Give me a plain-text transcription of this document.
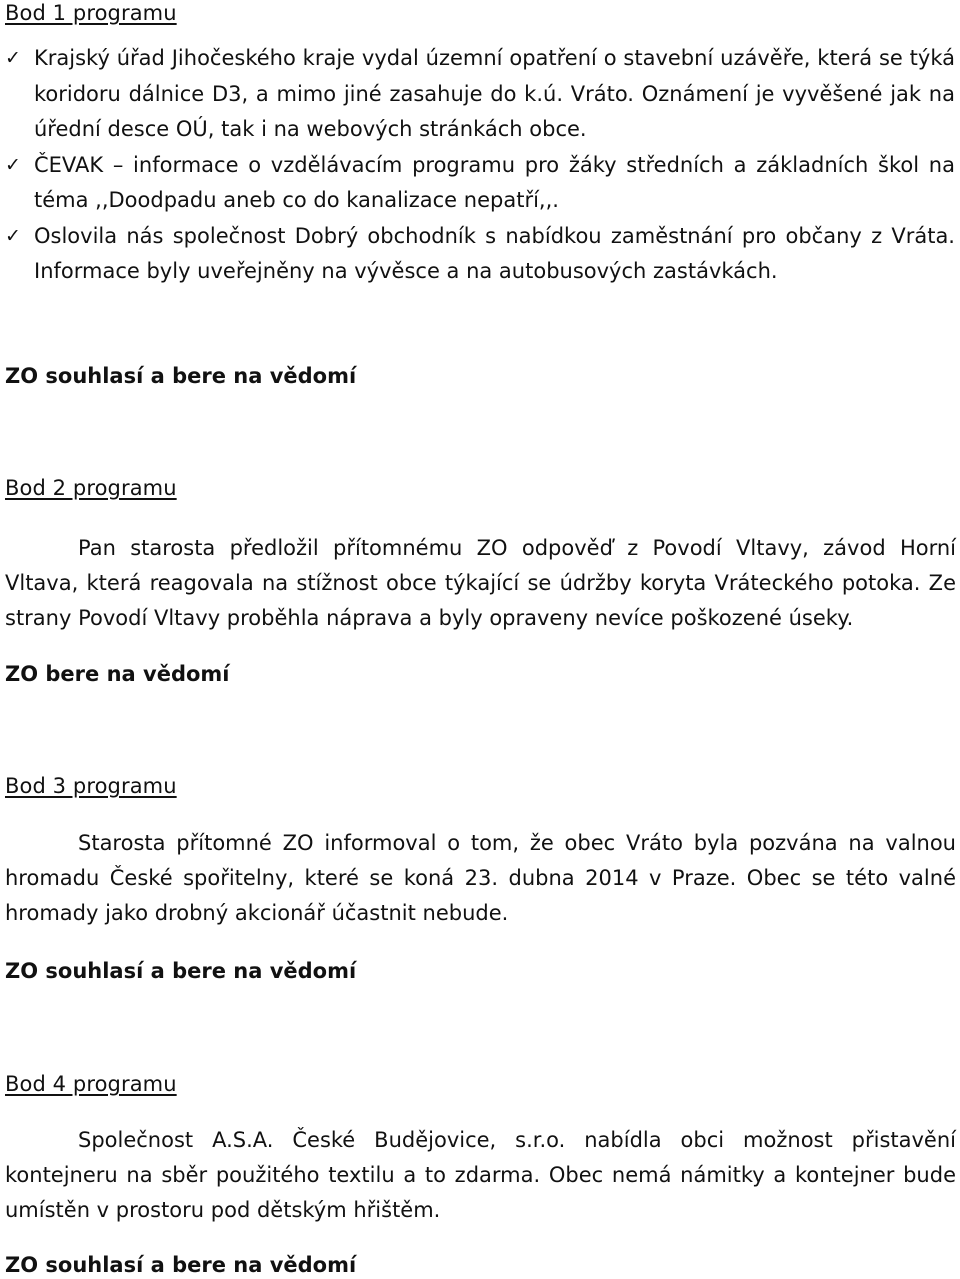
Bod 1 programu
✓ Krajský úřad Jihočeského kraje vydal územní opatření o stavební uzávěře, která se týká koridoru dálnice D3, a mimo jiné zasahuje do k.ú. Vráto. Oznámení je vyvěšené jak na úřední desce OÚ, tak i na webových stránkách obce.
✓ ČEVAK – informace o vzdělávacím programu pro žáky středních a základních škol na téma ,,Doodpadu aneb co do kanalizace nepatří,,.
✓ Oslovila nás společnost Dobrý obchodník s nabídkou zaměstnání pro občany z Vráta. Informace byly uveřejněny na vývěsce a na autobusových zastávkách.

ZO souhlasí a bere na vědomí

Bod 2 programu

Pan starosta předložil přítomnému ZO odpověď z Povodí Vltavy, závod Horní Vltava, která reagovala na stížnost obce týkající se údržby koryta Vráteckého potoka. Ze strany Povodí Vltavy proběhla náprava a byly opraveny nevíce poškozené úseky.

ZO bere na vědomí

Bod 3 programu

Starosta přítomné ZO informoval o tom, že obec Vráto byla pozvána na valnou hromadu České spořitelny, které se koná 23. dubna 2014 v Praze. Obec se této valné hromady jako drobný akcionář účastnit nebude.

ZO souhlasí a bere na vědomí

Bod 4 programu

Společnost A.S.A. České Budějovice, s.r.o. nabídla obci možnost přistavění kontejneru na sběr použitého textilu a to zdarma. Obec nemá námitky a kontejner bude umístěn v prostoru pod dětským hřištěm.

ZO souhlasí a bere na vědomí
